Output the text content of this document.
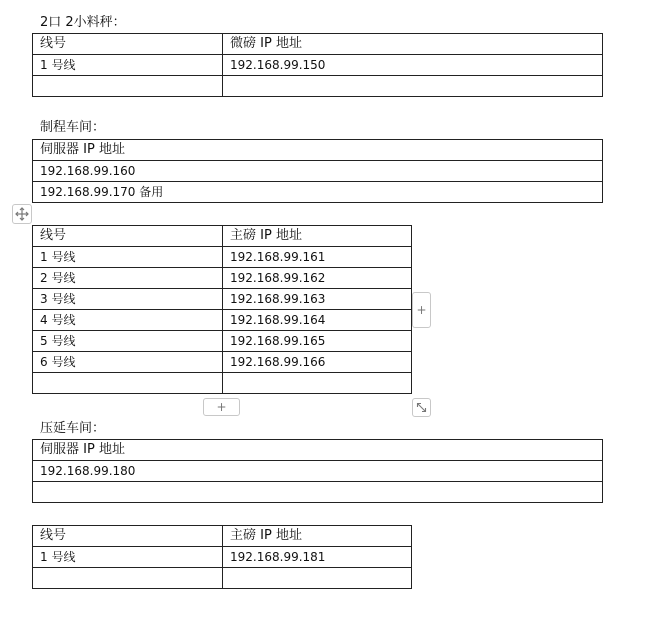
2口 2小料秤：
线号	微磅 IP 地址
1 号线	192.168.99.150

制程车间：
伺服器 IP 地址
192.168.99.160
192.168.99.170 备用
线号	主磅 IP 地址
1 号线	192.168.99.161
2 号线	192.168.99.162
3 号线	192.168.99.163
4 号线	192.168.99.164
5 号线	192.168.99.165
6 号线	192.168.99.166

+
+
压延车间：
伺服器 IP 地址
192.168.99.180

线号	主磅 IP 地址
1 号线	192.168.99.181
